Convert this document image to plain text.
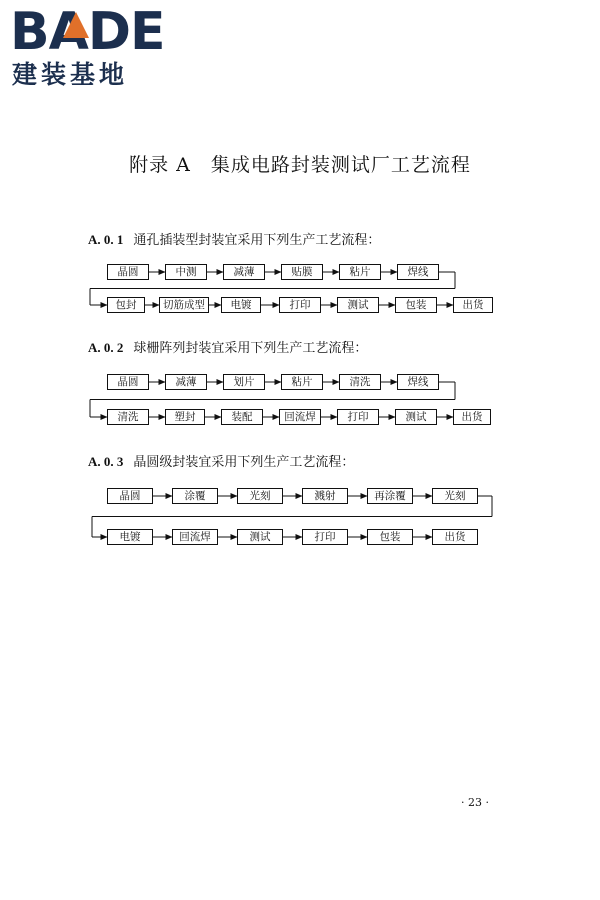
BADE
建装基地
附录 A　集成电路封装测试厂工艺流程
A. 0. 1 通孔插装型封装宜采用下列生产工艺流程：
A. 0. 2 球栅阵列封装宜采用下列生产工艺流程：
A. 0. 3 晶圆级封装宜采用下列生产工艺流程：
晶圆	中测	减薄	贴膜	粘片	焊线
包封	切筋成型	电镀	打印	测试	包装	出货
晶圆	减薄	划片	粘片	清洗	焊线
清洗	塑封	装配	回流焊	打印	测试	出货
晶圆	涂覆	光刻	溅射	再涂覆	光刻
电镀	回流焊	测试	打印	包装	出货
· 23 ·
